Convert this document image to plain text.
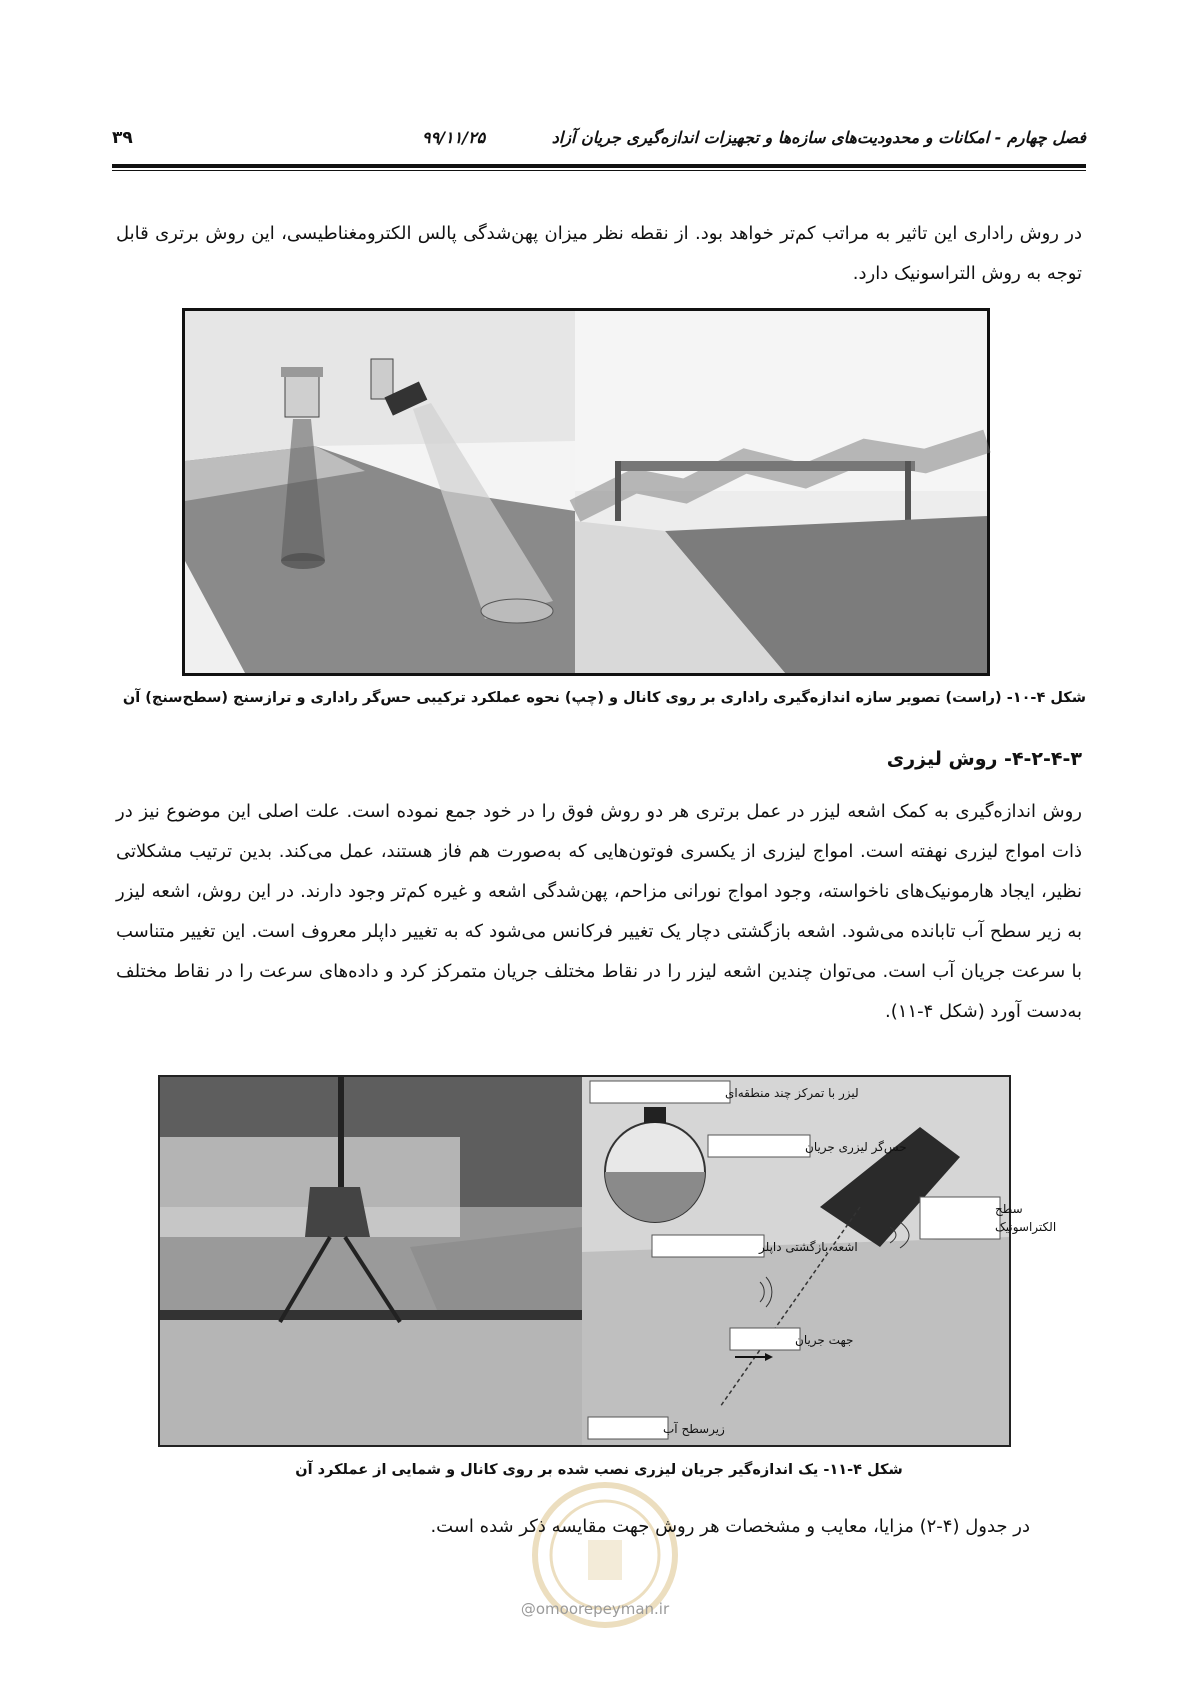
فصل چهارم - امکانات و محدودیت‌های سازه‌ها و تجهیزات اندازه‌گیری جریان آزاد
۹۹/۱۱/۲۵
۳۹
در روش راداری این تاثیر به مراتب کم‌تر خواهد بود. از نقطه نظر میزان پهن‌شدگی پالس الکترومغناطیسی، این روش برتری قابل توجه به روش التراسونیک دارد.
شکل ۴-۱۰- (راست) تصویر سازه اندازه‌گیری راداری بر روی کانال و (چپ) نحوه عملکرد ترکیبی حس‌گر راداری و ترازسنج (سطح‌سنج) آن
۴-۲-۴-۳- روش لیزری
روش اندازه‌گیری به کمک اشعه لیزر در عمل برتری هر دو روش فوق را در خود جمع نموده است. علت اصلی این موضوع نیز در ذات امواج لیزری نهفته است. امواج لیزری از یکسری فوتون‌هایی که به‌صورت هم فاز هستند، عمل می‌کند. بدین ترتیب مشکلاتی نظیر، ایجاد هارمونیک‌های ناخواسته، وجود امواج نورانی مزاحم، پهن‌شدگی اشعه و غیره کم‌تر وجود دارند. در این روش، اشعه لیزر به زیر سطح آب تابانده می‌شود. اشعه بازگشتی دچار یک تغییر فرکانس می‌شود که به تغییر داپلر معروف است. این تغییر متناسب با سرعت جریان آب است. می‌توان چندین اشعه لیزر را در نقاط مختلف جریان متمرکز کرد و داده‌های سرعت را در نقاط مختلف به‌دست آورد (شکل ۴-۱۱).
لیزر با تمرکز چند منطقه‌ای
حس‌گر لیزری جریان
سطح
الکتراسونیک
اشعه بازگشتی داپلر
جهت جریان
زیرسطح آب
شکل ۴-۱۱- یک اندازه‌گیر جریان لیزری نصب شده بر روی کانال و شمایی از عملکرد آن
در جدول (۴-۲) مزایا، معایب و مشخصات هر روش جهت مقایسه ذکر شده است.
@omoorepeyman.ir
